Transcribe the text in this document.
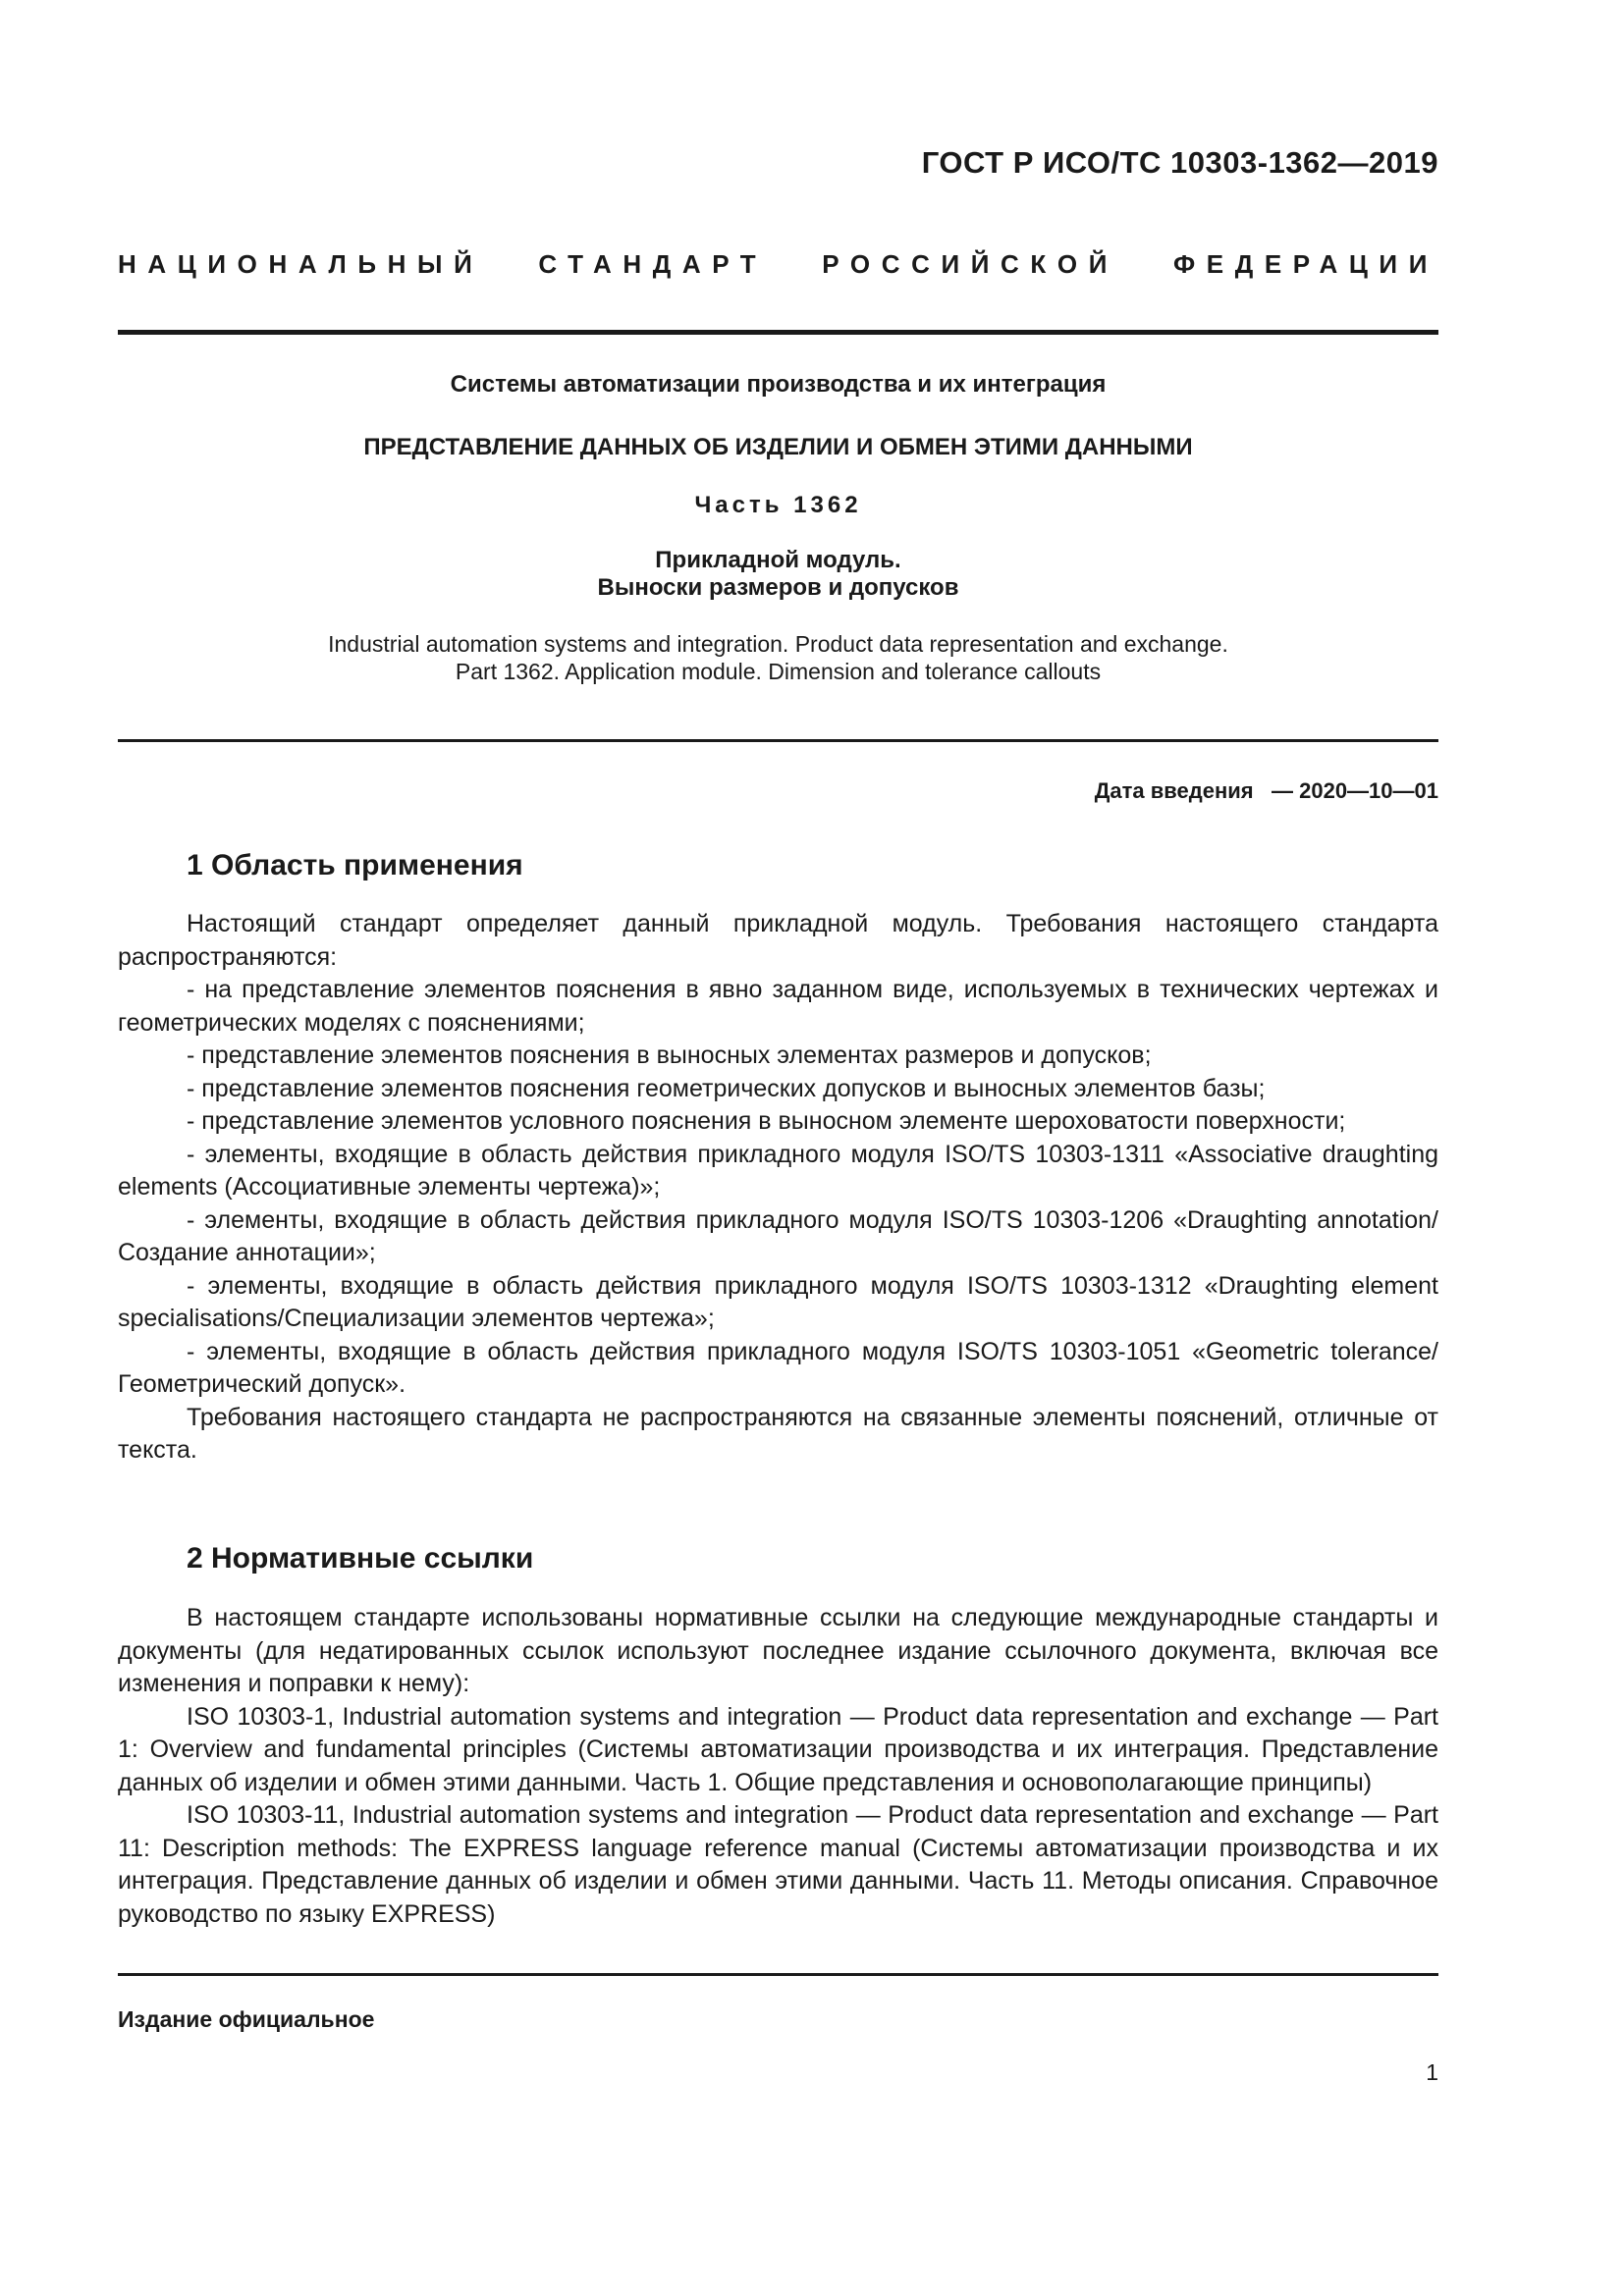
ГОСТ Р ИСО/ТС 10303-1362—2019
НАЦИОНАЛЬНЫЙ СТАНДАРТ РОССИЙСКОЙ ФЕДЕРАЦИИ
Системы автоматизации производства и их интеграция
ПРЕДСТАВЛЕНИЕ ДАННЫХ ОБ ИЗДЕЛИИ И ОБМЕН ЭТИМИ ДАННЫМИ
Часть 1362
Прикладной модуль.
Выноски размеров и допусков
Industrial automation systems and integration. Product data representation and exchange.
Part 1362. Application module. Dimension and tolerance callouts
Дата введения — 2020—10—01
1 Область применения

Настоящий стандарт определяет данный прикладной модуль. Требования настоящего стандарта распространяются:

- на представление элементов пояснения в явно заданном виде, используемых в технических чертежах и геометрических моделях с пояснениями;

- представление элементов пояснения в выносных элементах размеров и допусков;

- представление элементов пояснения геометрических допусков и выносных элементов базы;

- представление элементов условного пояснения в выносном элементе шероховатости поверхности;

- элементы, входящие в область действия прикладного модуля ISO/TS 10303-1311 «Associative draughting elements (Ассоциативные элементы чертежа)»;

- элементы, входящие в область действия прикладного модуля ISO/TS 10303-1206 «Draughting annotation/Создание аннотации»;

- элементы, входящие в область действия прикладного модуля ISO/TS 10303-1312 «Draughting element specialisations/Специализации элементов чертежа»;

- элементы, входящие в область действия прикладного модуля ISO/TS 10303-1051 «Geometric tolerance/Геометрический допуск».

Требования настоящего стандарта не распространяются на связанные элементы пояснений, отличные от текста.

2 Нормативные ссылки

В настоящем стандарте использованы нормативные ссылки на следующие международные стандарты и документы (для недатированных ссылок используют последнее издание ссылочного документа, включая все изменения и поправки к нему):

ISO 10303-1, Industrial automation systems and integration — Product data representation and exchange — Part 1: Overview and fundamental principles (Системы автоматизации производства и их интеграция. Представление данных об изделии и обмен этими данными. Часть 1. Общие представления и основополагающие принципы)

ISO 10303-11, Industrial automation systems and integration — Product data representation and exchange — Part 11: Description methods: The EXPRESS language reference manual (Системы автоматизации производства и их интеграция. Представление данных об изделии и обмен этими данными. Часть 11. Методы описания. Справочное руководство по языку EXPRESS)

Издание официальное
1
